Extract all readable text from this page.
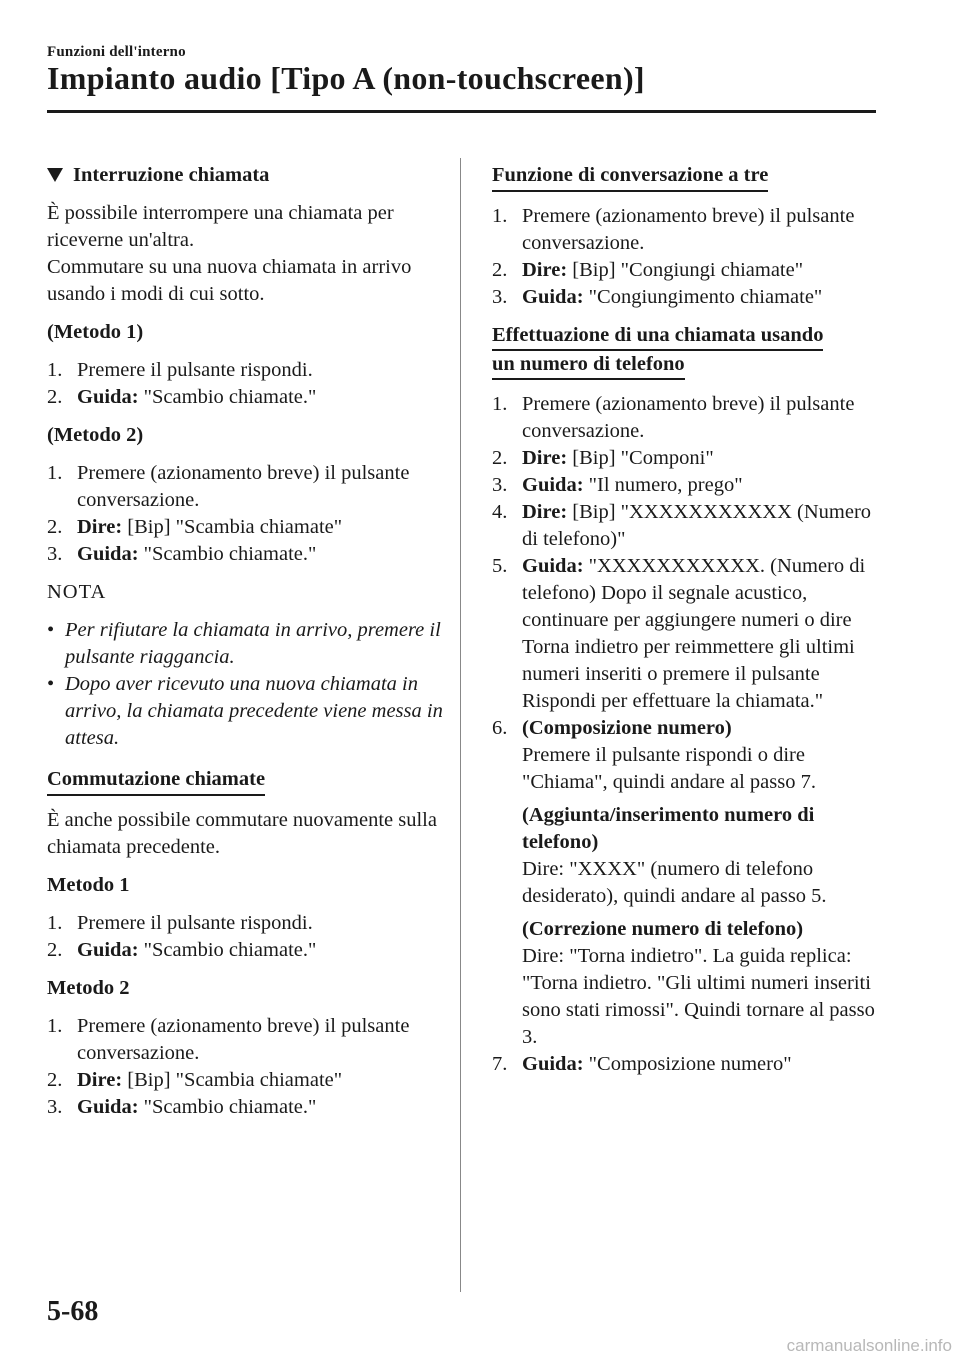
Funzioni dell'interno
Impianto audio [Tipo A (non-touchscreen)]

Interruzione chiamata

È possibile interrompere una chiamata per riceverne un'altra.

Commutare su una nuova chiamata in arrivo usando i modi di cui sotto.

(Metodo 1)

1. Premere il pulsante rispondi.
2. Guida: "Scambio chiamate."

(Metodo 2)

1. Premere (azionamento breve) il pulsante conversazione.
2. Dire: [Bip] "Scambia chiamate"
3. Guida: "Scambio chiamate."

NOTA

• Per rifiutare la chiamata in arrivo, premere il pulsante riaggancia.
• Dopo aver ricevuto una nuova chiamata in arrivo, la chiamata precedente viene messa in attesa.

Commutazione chiamate

È anche possibile commutare nuovamente sulla chiamata precedente.

Metodo 1

1. Premere il pulsante rispondi.
2. Guida: "Scambio chiamate."

Metodo 2

1. Premere (azionamento breve) il pulsante conversazione.
2. Dire: [Bip] "Scambia chiamate"
3. Guida: "Scambio chiamate."

Funzione di conversazione a tre

1. Premere (azionamento breve) il pulsante conversazione.
2. Dire: [Bip] "Congiungi chiamate"
3. Guida: "Congiungimento chiamate"
Effettuazione di una chiamata usando
un numero di telefono
1. Premere (azionamento breve) il pulsante conversazione.
2. Dire: [Bip] "Componi"
3. Guida: "Il numero, prego"
4. Dire: [Bip] "XXXXXXXXXXX (Numero di telefono)"
5. Guida: "XXXXXXXXXXX. (Numero di telefono) Dopo il segnale acustico, continuare per aggiungere numeri o dire Torna indietro per reimmettere gli ultimi numeri inseriti o premere il pulsante Rispondi per effettuare la chiamata."
6. (Composizione numero)

Premere il pulsante rispondi o dire "Chiama", quindi andare al passo 7.

(Aggiunta/inserimento numero di telefono)

Dire: "XXXX" (numero di telefono desiderato), quindi andare al passo 5.

(Correzione numero di telefono)

Dire: "Torna indietro". La guida replica: "Torna indietro. "Gli ultimi numeri inseriti sono stati rimossi". Quindi tornare al passo 3.

7. Guida: "Composizione numero"
5-68
carmanualsonline.info
